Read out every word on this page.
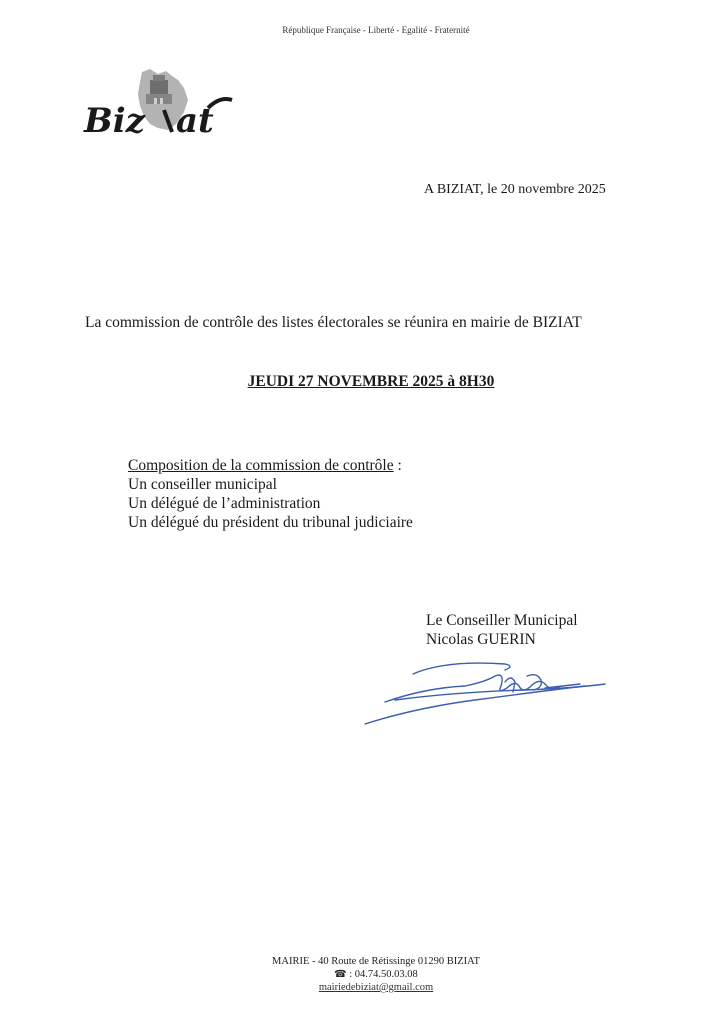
République Française - Liberté - Egalité - Fraternité
Biz at
A BIZIAT, le 20 novembre 2025
La commission de contrôle des listes électorales se réunira en mairie de BIZIAT
JEUDI 27 NOVEMBRE 2025 à 8H30
Composition de la commission de contrôle :
Un conseiller municipal
Un délégué de l’administration
Un délégué du président du tribunal judiciaire
Le Conseiller Municipal
Nicolas GUERIN
MAIRIE - 40 Route de Rétissinge 01290 BIZIAT
☎ : 04.74.50.03.08
mairiedebiziat@gmail.com
